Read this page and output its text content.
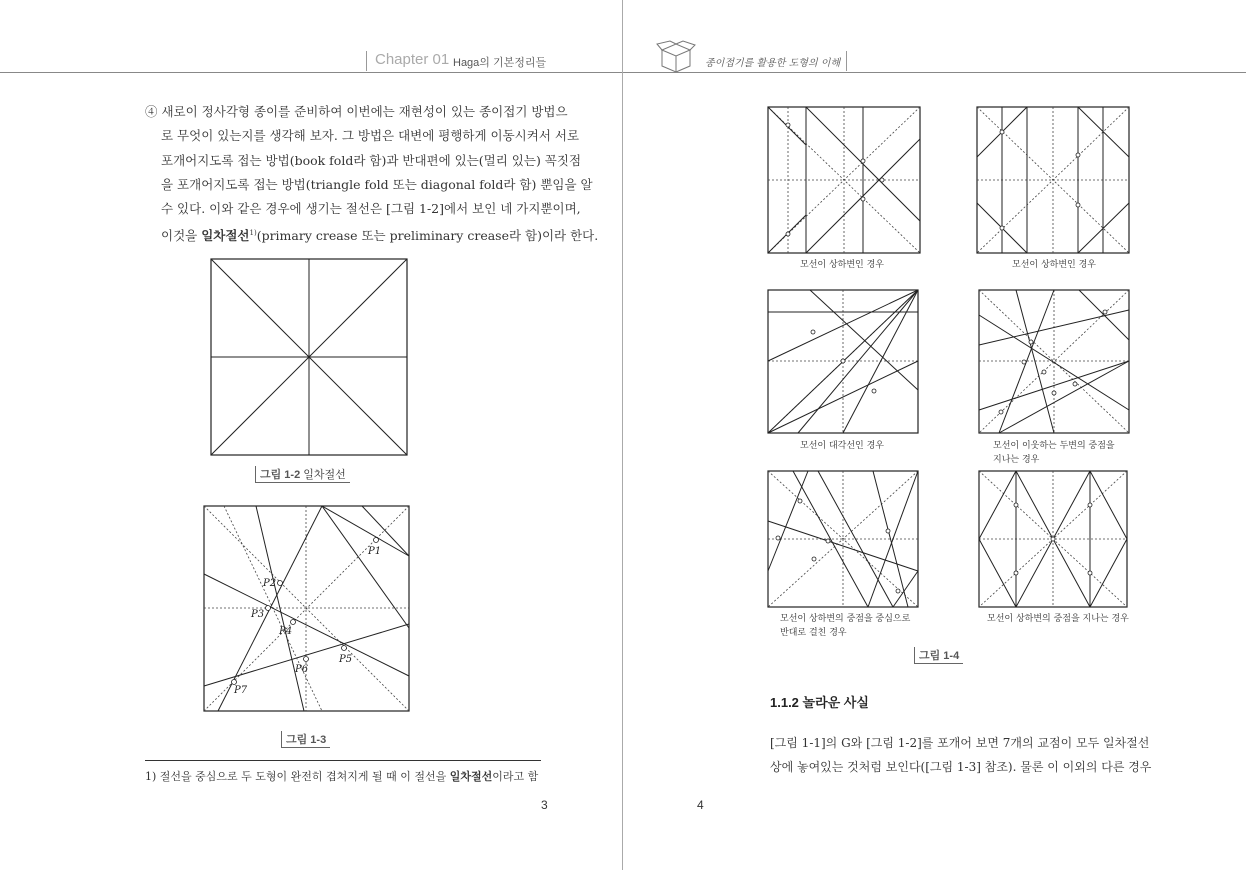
Chapter 01 Haga의 기본정리들	종이접기를 활용한 도형의 이해
④ 새로이 정사각형 종이를 준비하여 이번에는 재현성이 있는 종이접기 방법으
로 무엇이 있는지를 생각해 보자. 그 방법은 대변에 평행하게 이동시켜서 서로
포개어지도록 접는 방법(book fold라 함)과 반대편에 있는(멀리 있는) 꼭짓점
을 포개어지도록 접는 방법(triangle fold 또는 diagonal fold라 함) 뿐임을 알
수 있다. 이와 같은 경우에 생기는 절선은 [그림 1-2]에서 보인 네 가지뿐이며,
이것을 일차절선$^{1)}$(primary crease 또는 preliminary crease라 함)이라 한다.
그림 1-2 일차절선
P1
P2
P3
P4
P5
P6
P7
그림 1-3
1) 절선을 중심으로 두 도형이 완전히 겹쳐지게 될 때 이 절선을 일차절선이라고 함
3
모선이 상하변인 경우	모선이 상하변인 경우
모선이 대각선인 경우	모선이 이웃하는 두변의 중점을
지나는 경우
모선이 상하변의 중점을 중심으로
반대로 걸친 경우
모선이 상하변의 중점을 지나는 경우
그림 1-4
1.1.2 놀라운 사실
[그림 1-1]의 G와 [그림 1-2]를 포개어 보면 7개의 교점이 모두 일차절선
상에 놓여있는 것처럼 보인다([그림 1-3] 참조). 물론 이 이외의 다른 경우
4
